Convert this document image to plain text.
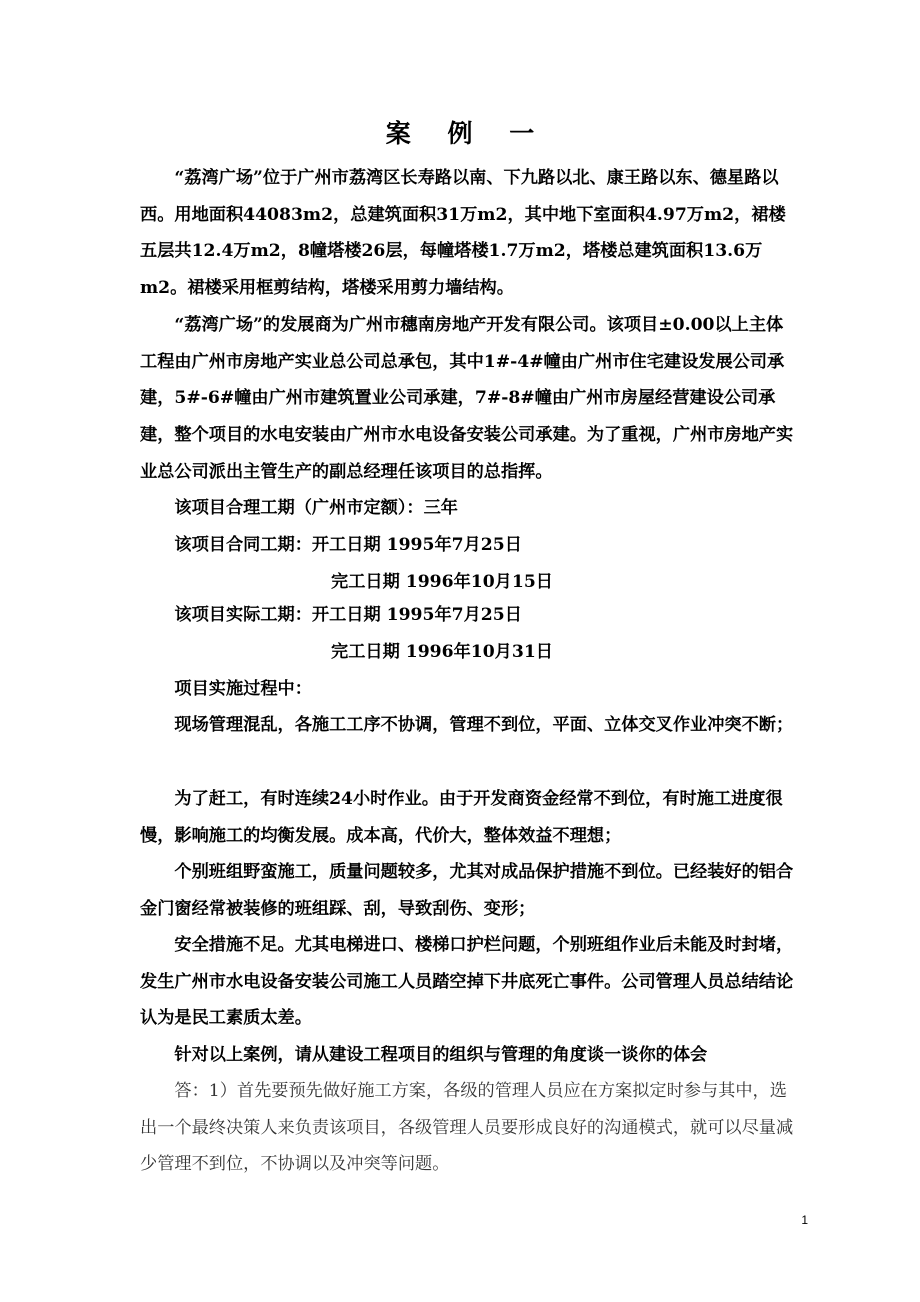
案 例 一
“荔湾广场”位于广州市荔湾区长寿路以南、下九路以北、康王路以东、德星路以西。用地面积44083m2，总建筑面积31万m2，其中地下室面积4.97万m2，裙楼五层共12.4万m2，8幢塔楼26层，每幢塔楼1.7万m2，塔楼总建筑面积13.6万m2。裙楼采用框剪结构，塔楼采用剪力墙结构。
“荔湾广场”的发展商为广州市穗南房地产开发有限公司。该项目±0.00以上主体工程由广州市房地产实业总公司总承包，其中1#-4#幢由广州市住宅建设发展公司承建，5#-6#幢由广州市建筑置业公司承建，7#-8#幢由广州市房屋经营建设公司承建，整个项目的水电安装由广州市水电设备安装公司承建。为了重视，广州市房地产实业总公司派出主管生产的副总经理任该项目的总指挥。
该项目合理工期（广州市定额）：三年
该项目合同工期：开工日期 1995年7月25日
完工日期 1996年10月15日
该项目实际工期：开工日期 1995年7月25日
完工日期 1996年10月31日
项目实施过程中：
现场管理混乱，各施工工序不协调，管理不到位，平面、立体交叉作业冲突不断；
为了赶工，有时连续24小时作业。由于开发商资金经常不到位，有时施工进度很慢，影响施工的均衡发展。成本高，代价大，整体效益不理想；
个别班组野蛮施工，质量问题较多，尤其对成品保护措施不到位。已经装好的铝合金门窗经常被装修的班组踩、刮，导致刮伤、变形；
安全措施不足。尤其电梯进口、楼梯口护栏问题，个别班组作业后未能及时封堵，发生广州市水电设备安装公司施工人员踏空掉下井底死亡事件。公司管理人员总结结论认为是民工素质太差。
针对以上案例，请从建设工程项目的组织与管理的角度谈一谈你的体会
答：1）首先要预先做好施工方案，各级的管理人员应在方案拟定时参与其中，选出一个最终决策人来负责该项目，各级管理人员要形成良好的沟通模式，就可以尽量减少管理不到位，不协调以及冲突等问题。
1
